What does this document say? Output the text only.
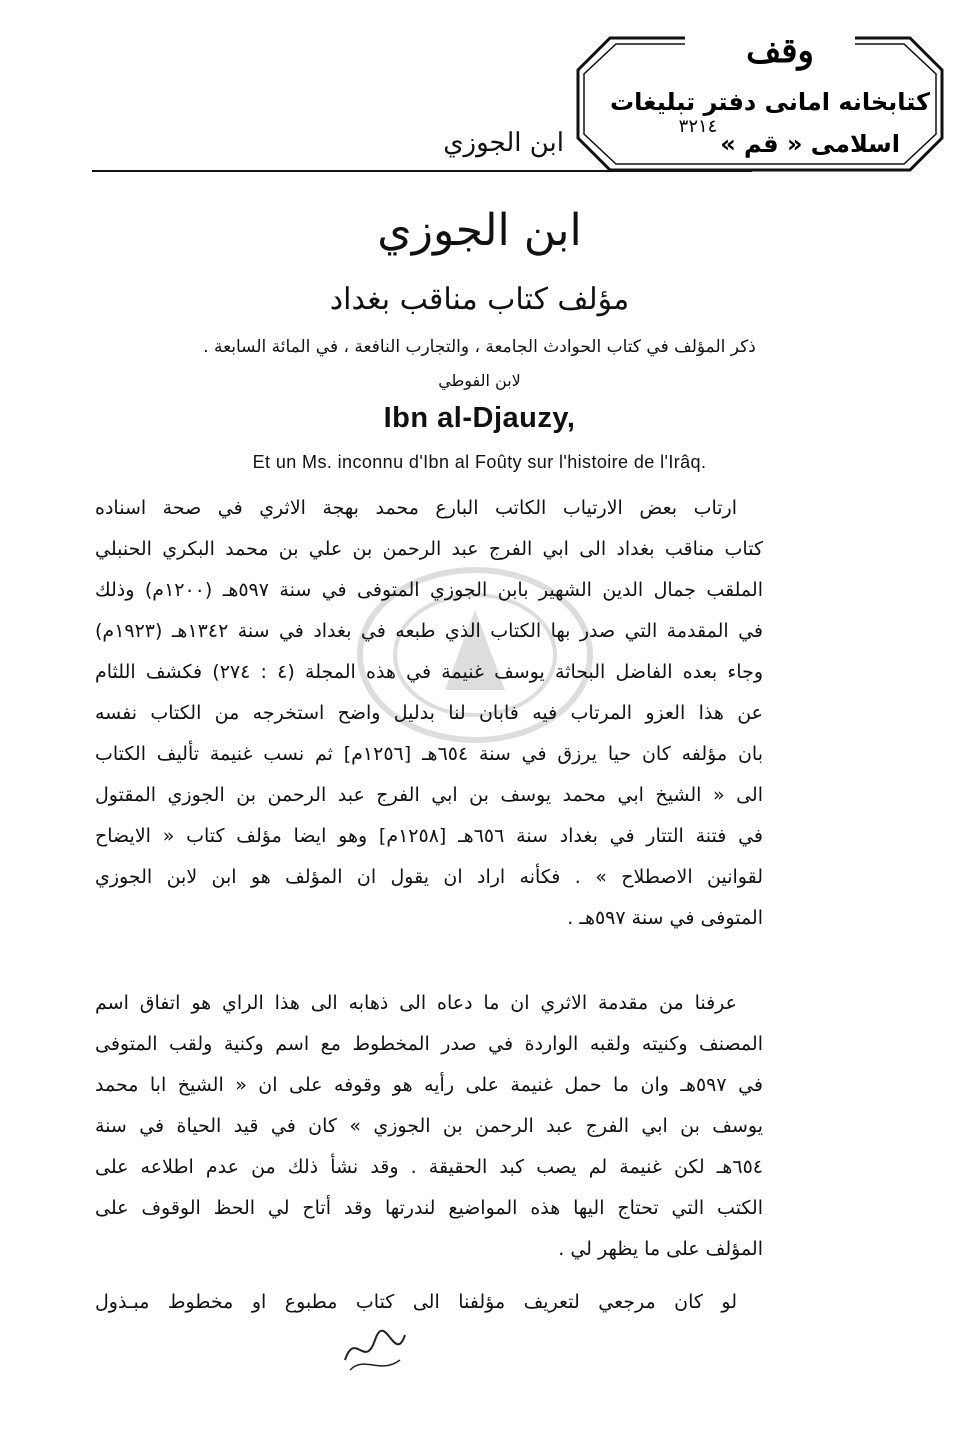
ابن الجوزي
وقف
كتابخانه امانى دفتر تبليغات
اسلامى « قم »
٣٢١٤
ابن الجوزي
مؤلف كتاب مناقب بغداد
ذكر المؤلف في كتاب الحوادث الجامعة ، والتجارب النافعة ، في المائة السابعة .
لابن الفوطي
Ibn al-Djauzy,
Et un Ms. inconnu d'Ibn al Foûty sur l'histoire de l'Irâq.
ارتاب بعض الارتياب الكاتب البارع محمد بهجة الاثري في صحة اسناده
كتاب مناقب بغداد الى ابي الفرج عبد الرحمن بن علي بن محمد البكري الحنبلي
الملقب جمال الدين الشهير بابن الجوزي المتوفى في سنة ٥٩٧هـ (١٢٠٠م) وذلك
في المقدمة التي صدر بها الكتاب الذي طبعه في بغداد في سنة ١٣٤٢هـ (١٩٢٣م)
وجاء بعده الفاضل البحاثة يوسف غنيمة في هذه المجلة (٤ : ٢٧٤) فكشف اللثام
عن هذا العزو المرتاب فيه فابان لنا بدليل واضح استخرجه من الكتاب نفسه
بان مؤلفه كان حيا يرزق في سنة ٦٥٤هـ [١٢٥٦م] ثم نسب غنيمة تأليف الكتاب
الى « الشيخ ابي محمد يوسف بن ابي الفرج عبد الرحمن بن الجوزي المقتول
في فتنة التتار في بغداد سنة ٦٥٦هـ [١٢٥٨م] وهو ايضا مؤلف كتاب « الايضاح
لقوانين الاصطلاح » . فكأنه اراد ان يقول ان المؤلف هو ابن لابن الجوزي
المتوفى في سنة ٥٩٧هـ .
عرفنا من مقدمة الاثري ان ما دعاه الى ذهابه الى هذا الراي هو اتفاق اسم
المصنف وكنيته ولقبه الواردة في صدر المخطوط مع اسم وكنية ولقب المتوفى
في ٥٩٧هـ وان ما حمل غنيمة على رأيه هو وقوفه على ان « الشيخ ابا محمد
يوسف بن ابي الفرج عبد الرحمن بن الجوزي » كان في قيد الحياة في سنة
٦٥٤هـ لكن غنيمة لم يصب كبد الحقيقة . وقد نشأ ذلك من عدم اطلاعه على
الكتب التي تحتاج اليها هذه المواضيع لندرتها وقد أتاح لي الحظ الوقوف على
المؤلف على ما يظهر لي .
لو كان مرجعي لتعريف مؤلفنا الى كتاب مطبوع او مخطوط مبـذول
